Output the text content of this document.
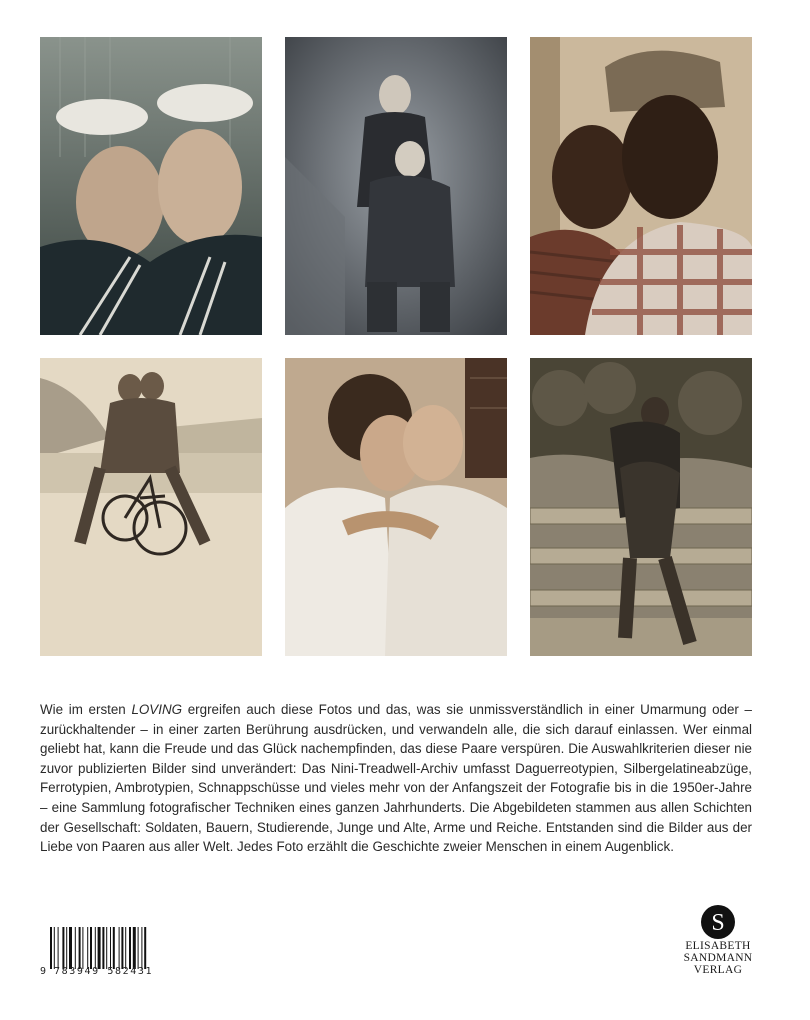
Wie im ersten LOVING ergreifen auch diese Fotos und das, was sie unmissverständlich in einer Umarmung oder – zurückhaltender – in einer zarten Berührung ausdrücken, und verwandeln alle, die sich darauf einlassen. Wer einmal geliebt hat, kann die Freude und das Glück nachempfinden, das diese Paare verspüren. Die Auswahlkriterien dieser nie zuvor publizierten Bilder sind unverändert: Das Nini-Treadwell-Archiv umfasst Daguerreotypien, Silbergelatineabzüge, Ferrotypien, Ambrotypien, Schnappschüsse und vieles mehr von der Anfangszeit der Fotografie bis in die 1950er-Jahre – eine Sammlung fotografischer Techniken eines ganzen Jahrhunderts. Die Abgebildeten stammen aus allen Schichten der Gesellschaft: Soldaten, Bauern, Studierende, Junge und Alte, Arme und Reiche. Entstanden sind die Bilder aus der Liebe von Paaren aus aller Welt. Jedes Foto erzählt die Geschichte zweier Menschen in einem Augenblick.

9 783949 582431
S
ELISABETH
SANDMANN
VERLAG
